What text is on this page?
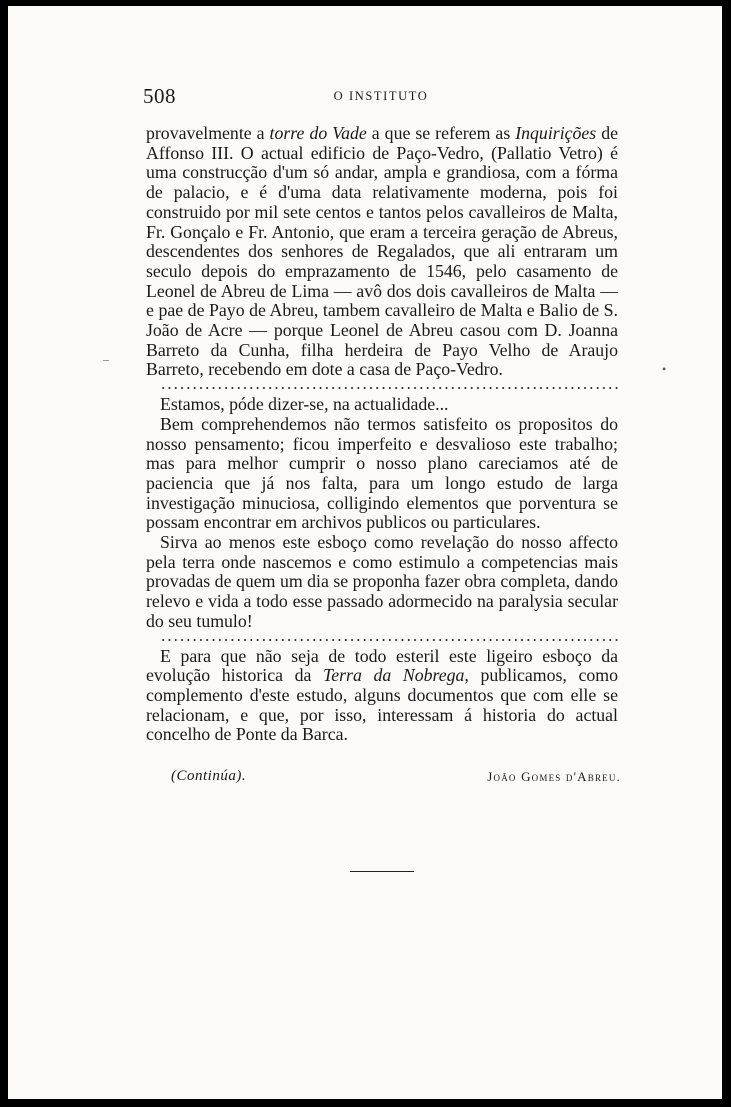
508	O INSTITUTO

provavelmente a torre do Vade a que se referem as Inquirições de Affonso III. O actual edificio de Paço-Vedro, (Pallatio Vetro) é uma construcção d'um só andar, ampla e grandiosa, com a fórma de palacio, e é d'uma data relativamente moderna, pois foi construido por mil sete centos e tantos pelos cavalleiros de Malta, Fr. Gonçalo e Fr. Antonio, que eram a terceira geração de Abreus, descendentes dos senhores de Regalados, que ali entraram um seculo depois do emprazamento de 1546, pelo casamento de Leonel de Abreu de Lima — avô dos dois cavalleiros de Malta — e pae de Payo de Abreu, tambem cavalleiro de Malta e Balio de S. João de Acre — porque Leonel de Abreu casou com D. Joanna Barreto da Cunha, filha herdeira de Payo Velho de Araujo Barreto, recebendo em dote a casa de Paço-Vedro.

Estamos, póde dizer-se, na actualidade...

Bem comprehendemos não termos satisfeito os propositos do nosso pensamento; ficou imperfeito e desvalioso este trabalho; mas para melhor cumprir o nosso plano careciamos até de paciencia que já nos falta, para um longo estudo de larga investigação minuciosa, colligindo elementos que porventura se possam encontrar em archivos publicos ou particulares.

Sirva ao menos este esboço como revelação do nosso affecto pela terra onde nascemos e como estimulo a competencias mais provadas de quem um dia se proponha fazer obra completa, dando relevo e vida a todo esse passado adormecido na paralysia secular do seu tumulo!

E para que não seja de todo esteril este ligeiro esboço da evolução historica da Terra da Nobrega, publicamos, como complemento d'este estudo, alguns documentos que com elle se relacionam, e que, por isso, interessam á historia do actual concelho de Ponte da Barca.

(Continúa).	João Gomes d'Abreu.
–
•
